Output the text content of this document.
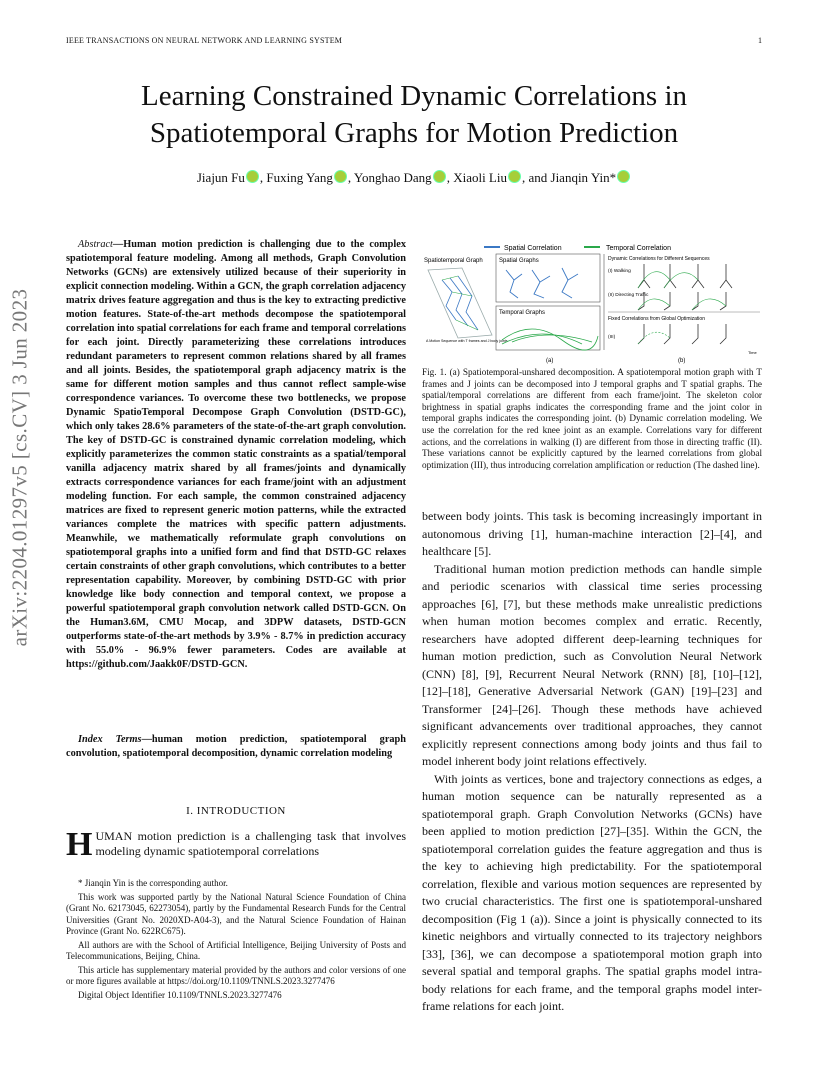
IEEE TRANSACTIONS ON NEURAL NETWORK AND LEARNING SYSTEM	1
arXiv:2204.01297v5 [cs.CV] 3 Jun 2023
Learning Constrained Dynamic Correlations in Spatiotemporal Graphs for Motion Prediction
Jiajun Fu , Fuxing Yang , Yonghao Dang , Xiaoli Liu , and Jianqin Yin*
Abstract—Human motion prediction is challenging due to the complex spatiotemporal feature modeling. Among all methods, Graph Convolution Networks (GCNs) are extensively utilized because of their superiority in explicit connection modeling. Within a GCN, the graph correlation adjacency matrix drives feature aggregation and thus is the key to extracting predictive motion features. State-of-the-art methods decompose the spatiotemporal correlation into spatial correlations for each frame and temporal correlations for each joint. Directly parameterizing these correlations introduces redundant parameters to represent common relations shared by all frames and all joints. Besides, the spatiotemporal graph adjacency matrix is the same for different motion samples and thus cannot reflect sample-wise correspondence variances. To overcome these two bottlenecks, we propose Dynamic SpatioTemporal Decompose Graph Convolution (DSTD-GC), which only takes 28.6% parameters of the state-of-the-art graph convolution. The key of DSTD-GC is constrained dynamic correlation modeling, which explicitly parameterizes the common static constraints as a spatial/temporal vanilla adjacency matrix shared by all frames/joints and dynamically extracts correspondence variances for each frame/joint with an adjustment modeling function. For each sample, the common constrained adjacency matrices are fixed to represent generic motion patterns, while the extracted variances complete the matrices with specific pattern adjustments. Meanwhile, we mathematically reformulate graph convolutions on spatiotemporal graphs into a unified form and find that DSTD-GC relaxes certain constraints of other graph convolutions, which contributes to a better representation capability. Moreover, by combining DSTD-GC with prior knowledge like body connection and temporal context, we propose a powerful spatiotemporal graph convolution network called DSTD-GCN. On the Human3.6M, CMU Mocap, and 3DPW datasets, DSTD-GCN outperforms state-of-the-art methods by 3.9% - 8.7% in prediction accuracy with 55.0% - 96.9% fewer parameters. Codes are available at https://github.com/Jaakk0F/DSTD-GCN.
Index Terms—human motion prediction, spatiotemporal graph convolution, spatiotemporal decomposition, dynamic correlation modeling
I. INTRODUCTION
HUMAN motion prediction is a challenging task that involves modeling dynamic spatiotemporal correlations

* Jianqin Yin is the corresponding author.

This work was supported partly by the National Natural Science Foundation of China (Grant No. 62173045, 62273054), partly by the Fundamental Research Funds for the Central Universities (Grant No. 2020XD-A04-3), and the Natural Science Foundation of Hainan Province (Grant No. 622RC675).

All authors are with the School of Artificial Intelligence, Beijing University of Posts and Telecommunications, Beijing, China.

This article has supplementary material provided by the authors and color versions of one or more figures available at https://doi.org/10.1109/TNNLS.2023.3277476

Digital Object Identifier 10.1109/TNNLS.2023.3277476

Spatial Correlation	Temporal Correlation
Spatiotemporal Graph
A Motion Sequence with T frames and J body joints
Spatial Graphs
Temporal Graphs
Dynamic Correlations for Different Sequences
(I) Walking
(II) Directing Traffic
Fixed Correlations from Global Optimization
(III)
Time
(a)	(b)
Fig. 1. (a) Spatiotemporal-unshared decomposition. A spatiotemporal motion graph with T frames and J joints can be decomposed into J temporal graphs and T spatial graphs. The spatial/temporal correlations are different from each frame/joint. The skeleton color brightness in spatial graphs indicates the corresponding frame and the joint color in temporal graphs indicates the corresponding joint. (b) Dynamic correlation modeling. We use the correlation for the red knee joint as an example. Correlations vary for different actions, and the correlations in walking (I) are different from those in directing traffic (II). These variations cannot be explicitly captured by the learned correlations from global optimization (III), thus introducing correlation amplification or reduction (The dashed line).

between body joints. This task is becoming increasingly important in autonomous driving [1], human-machine interaction [2]–[4], and healthcare [5].

Traditional human motion prediction methods can handle simple and periodic scenarios with classical time series processing approaches [6], [7], but these methods make unrealistic predictions when human motion becomes complex and erratic. Recently, researchers have adopted different deep-learning techniques for human motion prediction, such as Convolution Neural Network (CNN) [8], [9], Recurrent Neural Network (RNN) [8], [10]–[12], [12]–[18], Generative Adversarial Network (GAN) [19]–[23] and Transformer [24]–[26]. Though these methods have achieved significant advancements over traditional approaches, they cannot explicitly represent connections among body joints and thus fail to model inherent body joint relations effectively.

With joints as vertices, bone and trajectory connections as edges, a human motion sequence can be naturally represented as a spatiotemporal graph. Graph Convolution Networks (GCNs) have been applied to motion prediction [27]–[35]. Within the GCN, the spatiotemporal correlation guides the feature aggregation and thus is the key to achieving high predictability. For the spatiotemporal correlation, flexible and various motion sequences are represented by two crucial characteristics. The first one is spatiotemporal-unshared decomposition (Fig 1 (a)). Since a joint is physically connected to its kinetic neighbors and virtually connected to its trajectory neighbors [33], [36], we can decompose a spatiotemporal motion graph into several spatial and temporal graphs. The spatial graphs model intra-body relations for each frame, and the temporal graphs model inter-frame relations for each joint.
